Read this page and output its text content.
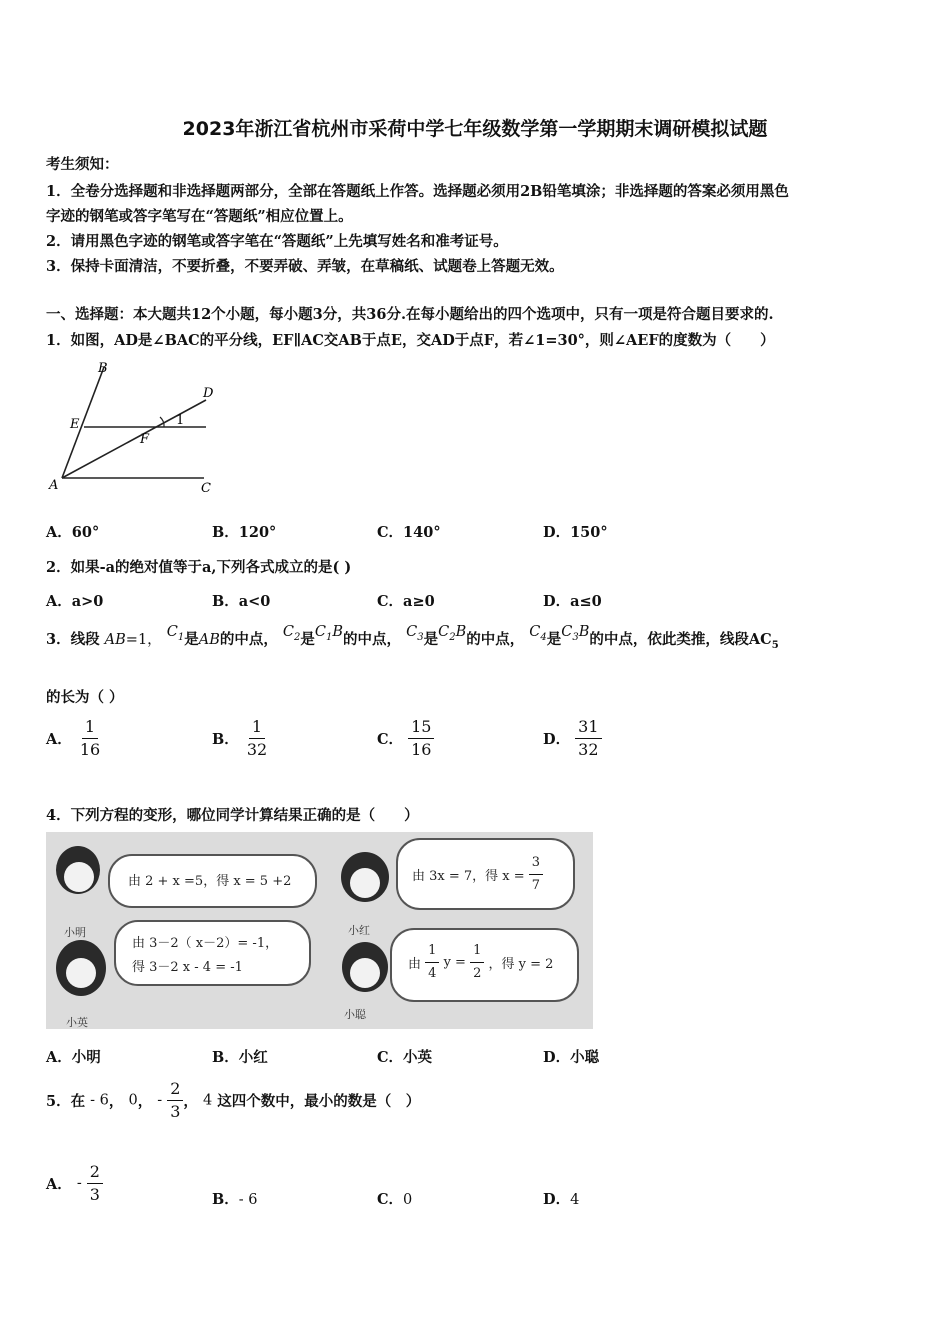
2023年浙江省杭州市采荷中学七年级数学第一学期期末调研模拟试题
考生须知：
1．全卷分选择题和非选择题两部分，全部在答题纸上作答。选择题必须用2B铅笔填涂；非选择题的答案必须用黑色
字迹的钢笔或答字笔写在“答题纸”相应位置上。
2．请用黑色字迹的钢笔或答字笔在“答题纸”上先填写姓名和准考证号。
3．保持卡面清洁，不要折叠，不要弄破、弄皱，在草稿纸、试题卷上答题无效。
一、选择题：本大题共12个小题，每小题3分，共36分.在每小题给出的四个选项中，只有一项是符合题目要求的.
1．如图，AD是∠BAC的平分线，EF∥AC交AB于点E，交AD于点F，若∠1=30°，则∠AEF的度数为（　　）
B
D
E
F
1
A	C
A．60°	B．120°	C．140°	D．150°
2．如果-a的绝对值等于a,下列各式成立的是( )
A．a>0	B．a<0	C．a≥0	D．a≤0
3．线段 AB=1， $C_1$是AB的中点， $C_2$是$C_1B$的中点， $C_3$是$C_2B$的中点， $C_4$是$C_3B$的中点，依此类推，线段$AC_5$
的长为（ ）
A． $\frac{1}{16}$	B． $\frac{1}{32}$	C． $\frac{15}{16}$	D． $\frac{31}{32}$
4．下列方程的变形，哪位同学计算结果正确的是（　　）
小明	小红
小英
小聪
由 2 + x =5，得 x = 5 +2	由 3x = 7，得 $x = \frac{3}{7}$
由 3－2（ x－2）= -1，
得 3－2 x - 4 = -1	由 $\frac{1}{4}$ $y = \frac{1}{2}$ ，得 y = 2
A．小明	B．小红	C．小英	D．小聪
5．在 - 6， 0， - $\frac{2}{3}$ ， 4 这四个数中，最小的数是（　）
A． - $\frac{2}{3}$	B．- 6	C．0	D．4
